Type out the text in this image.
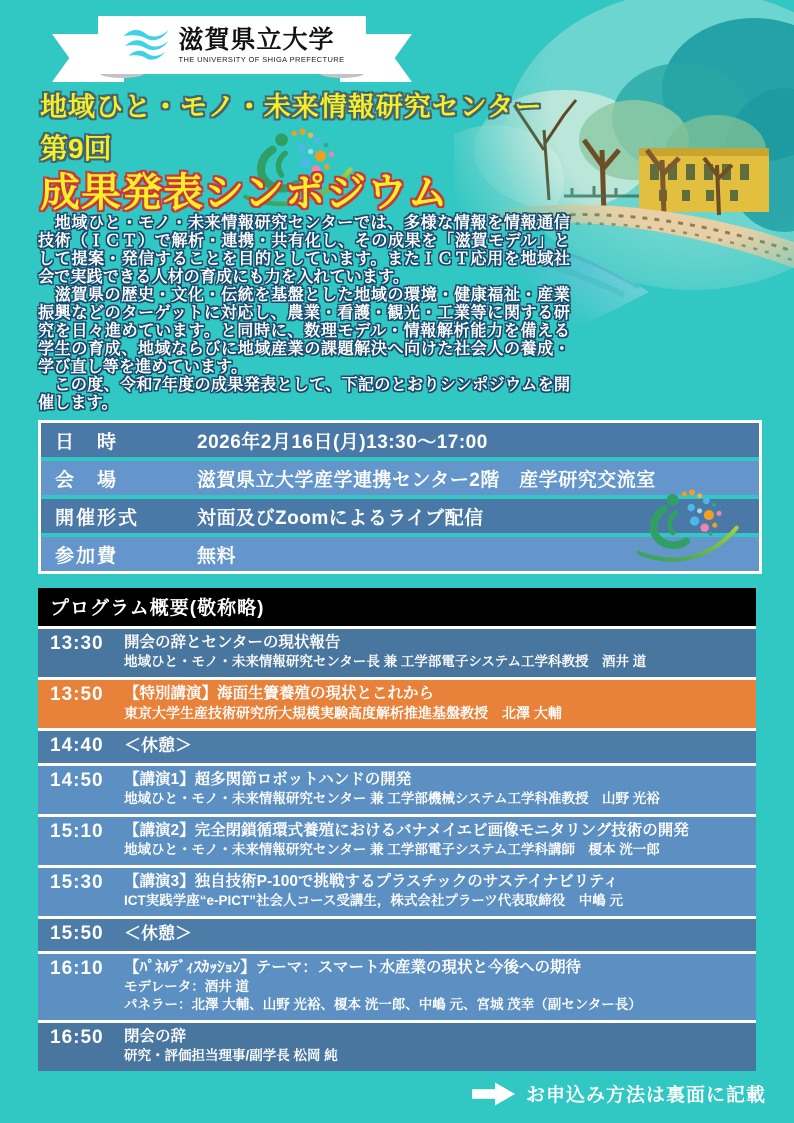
滋賀県立大学
THE UNIVERSITY OF SHIGA PREFECTURE
地域ひと・モノ・未来情報研究センター
第9回
成果発表シンポジウム
　地域ひと・モノ・未来情報研究センターでは、多様な情報を情報通信技術（ＩＣＴ）で解析・連携・共有化し、その成果を「滋賀モデル」として提案・発信することを目的としています。またＩＣＴ応用を地域社会で実践できる人材の育成にも力を入れています。
　滋賀県の歴史・文化・伝統を基盤とした地域の環境・健康福祉・産業振興などのターゲットに対応し、農業・看護・観光・工業等に関する研究を日々進めています。と同時に、数理モデル・情報解析能力を備える学生の育成、地域ならびに地域産業の課題解決へ向けた社会人の養成・学び直し等を進めています。
　この度、令和7年度の成果発表として、下記のとおりシンポジウムを開催します。
日　時	2026年2月16日(月)13:30～17:00
会　場	滋賀県立大学産学連携センター2階　産学研究交流室
開催形式	対面及びZoomによるライブ配信
参加費	無料
プログラム概要(敬称略)
13:30	開会の辞とセンターの現状報告
地域ひと・モノ・未来情報研究センター長 兼 工学部電子システム工学科教授　酒井 道
13:50	【特別講演】海面生簀養殖の現状とこれから
東京大学生産技術研究所大規模実験高度解析推進基盤教授　北澤 大輔
14:40	＜休憩＞
14:50	【講演1】超多関節ロボットハンドの開発
地域ひと・モノ・未来情報研究センター 兼 工学部機械システム工学科准教授　山野 光裕
15:10	【講演2】完全閉鎖循環式養殖におけるバナメイエビ画像モニタリング技術の開発
地域ひと・モノ・未来情報研究センター 兼 工学部電子システム工学科講師　榎本 洸一郎
15:30	【講演3】独自技術P-100で挑戦するプラスチックのサステイナビリティ
ICT実践学座“e-PICT”社会人コース受講生，株式会社プラーツ代表取締役　中嶋 元
15:50	＜休憩＞
16:10	【ﾊﾟﾈﾙﾃﾞｨｽｶｯｼｮﾝ】テーマ：スマート水産業の現状と今後への期待
モデレータ：酒井 道
パネラー：北澤 大輔、山野 光裕、榎本 洸一郎、中嶋 元、宮城 茂幸（副センター長）
16:50	閉会の辞
研究・評価担当理事/副学長 松岡 純
お申込み方法は裏面に記載
